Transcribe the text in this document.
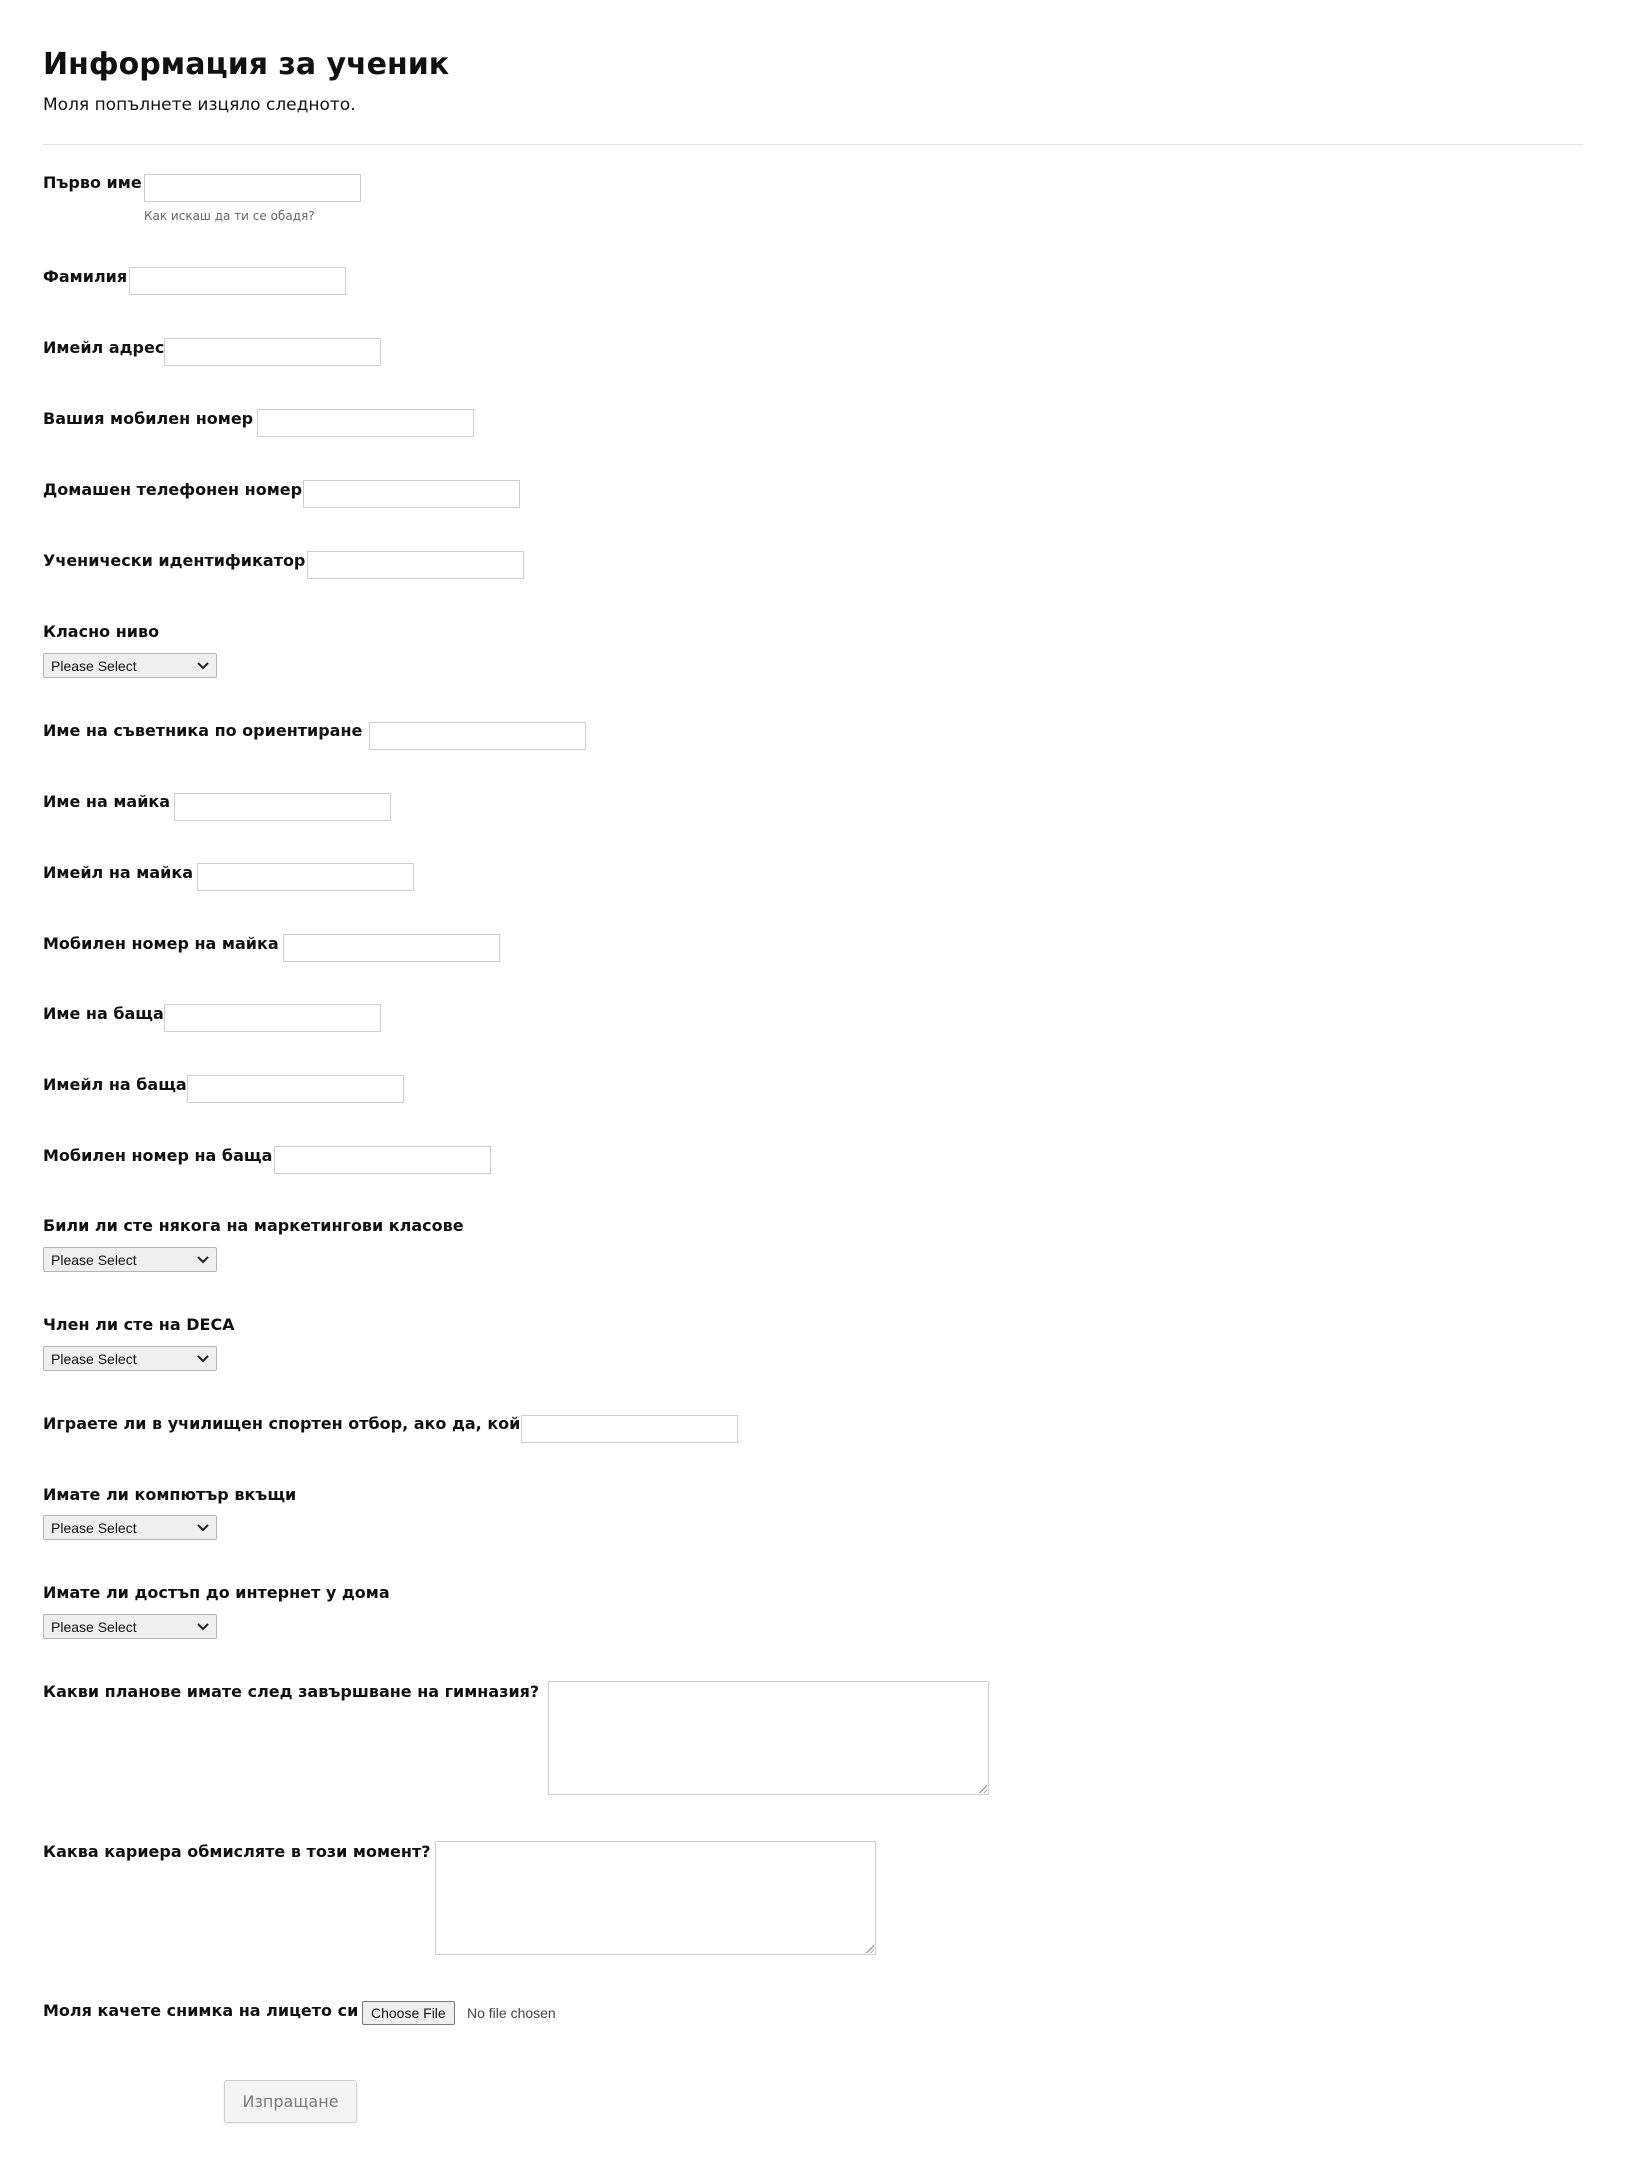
Информация за ученик

Моля попълнете изцяло следното.

Първо име
Как искаш да ти се обадя?
Фамилия
Имейл адрес
Вашия мобилен номер
Домашен телефонен номер
Ученически идентификатор
Класно ниво
Please Select
Име на съветника по ориентиране
Име на майка
Имейл на майка
Мобилен номер на майка
Име на баща
Имейл на баща
Мобилен номер на баща
Били ли сте някога на маркетингови класове
Please Select
Член ли сте на DECA
Please Select
Играете ли в училищен спортен отбор, ако да, кой
Имате ли компютър вкъщи
Please Select
Имате ли достъп до интернет у дома
Please Select
Какви планове имате след завършване на гимназия?
Каква кариера обмисляте в този момент?
Моля качете снимка на лицето си Choose File	No file chosen
Изпращане
